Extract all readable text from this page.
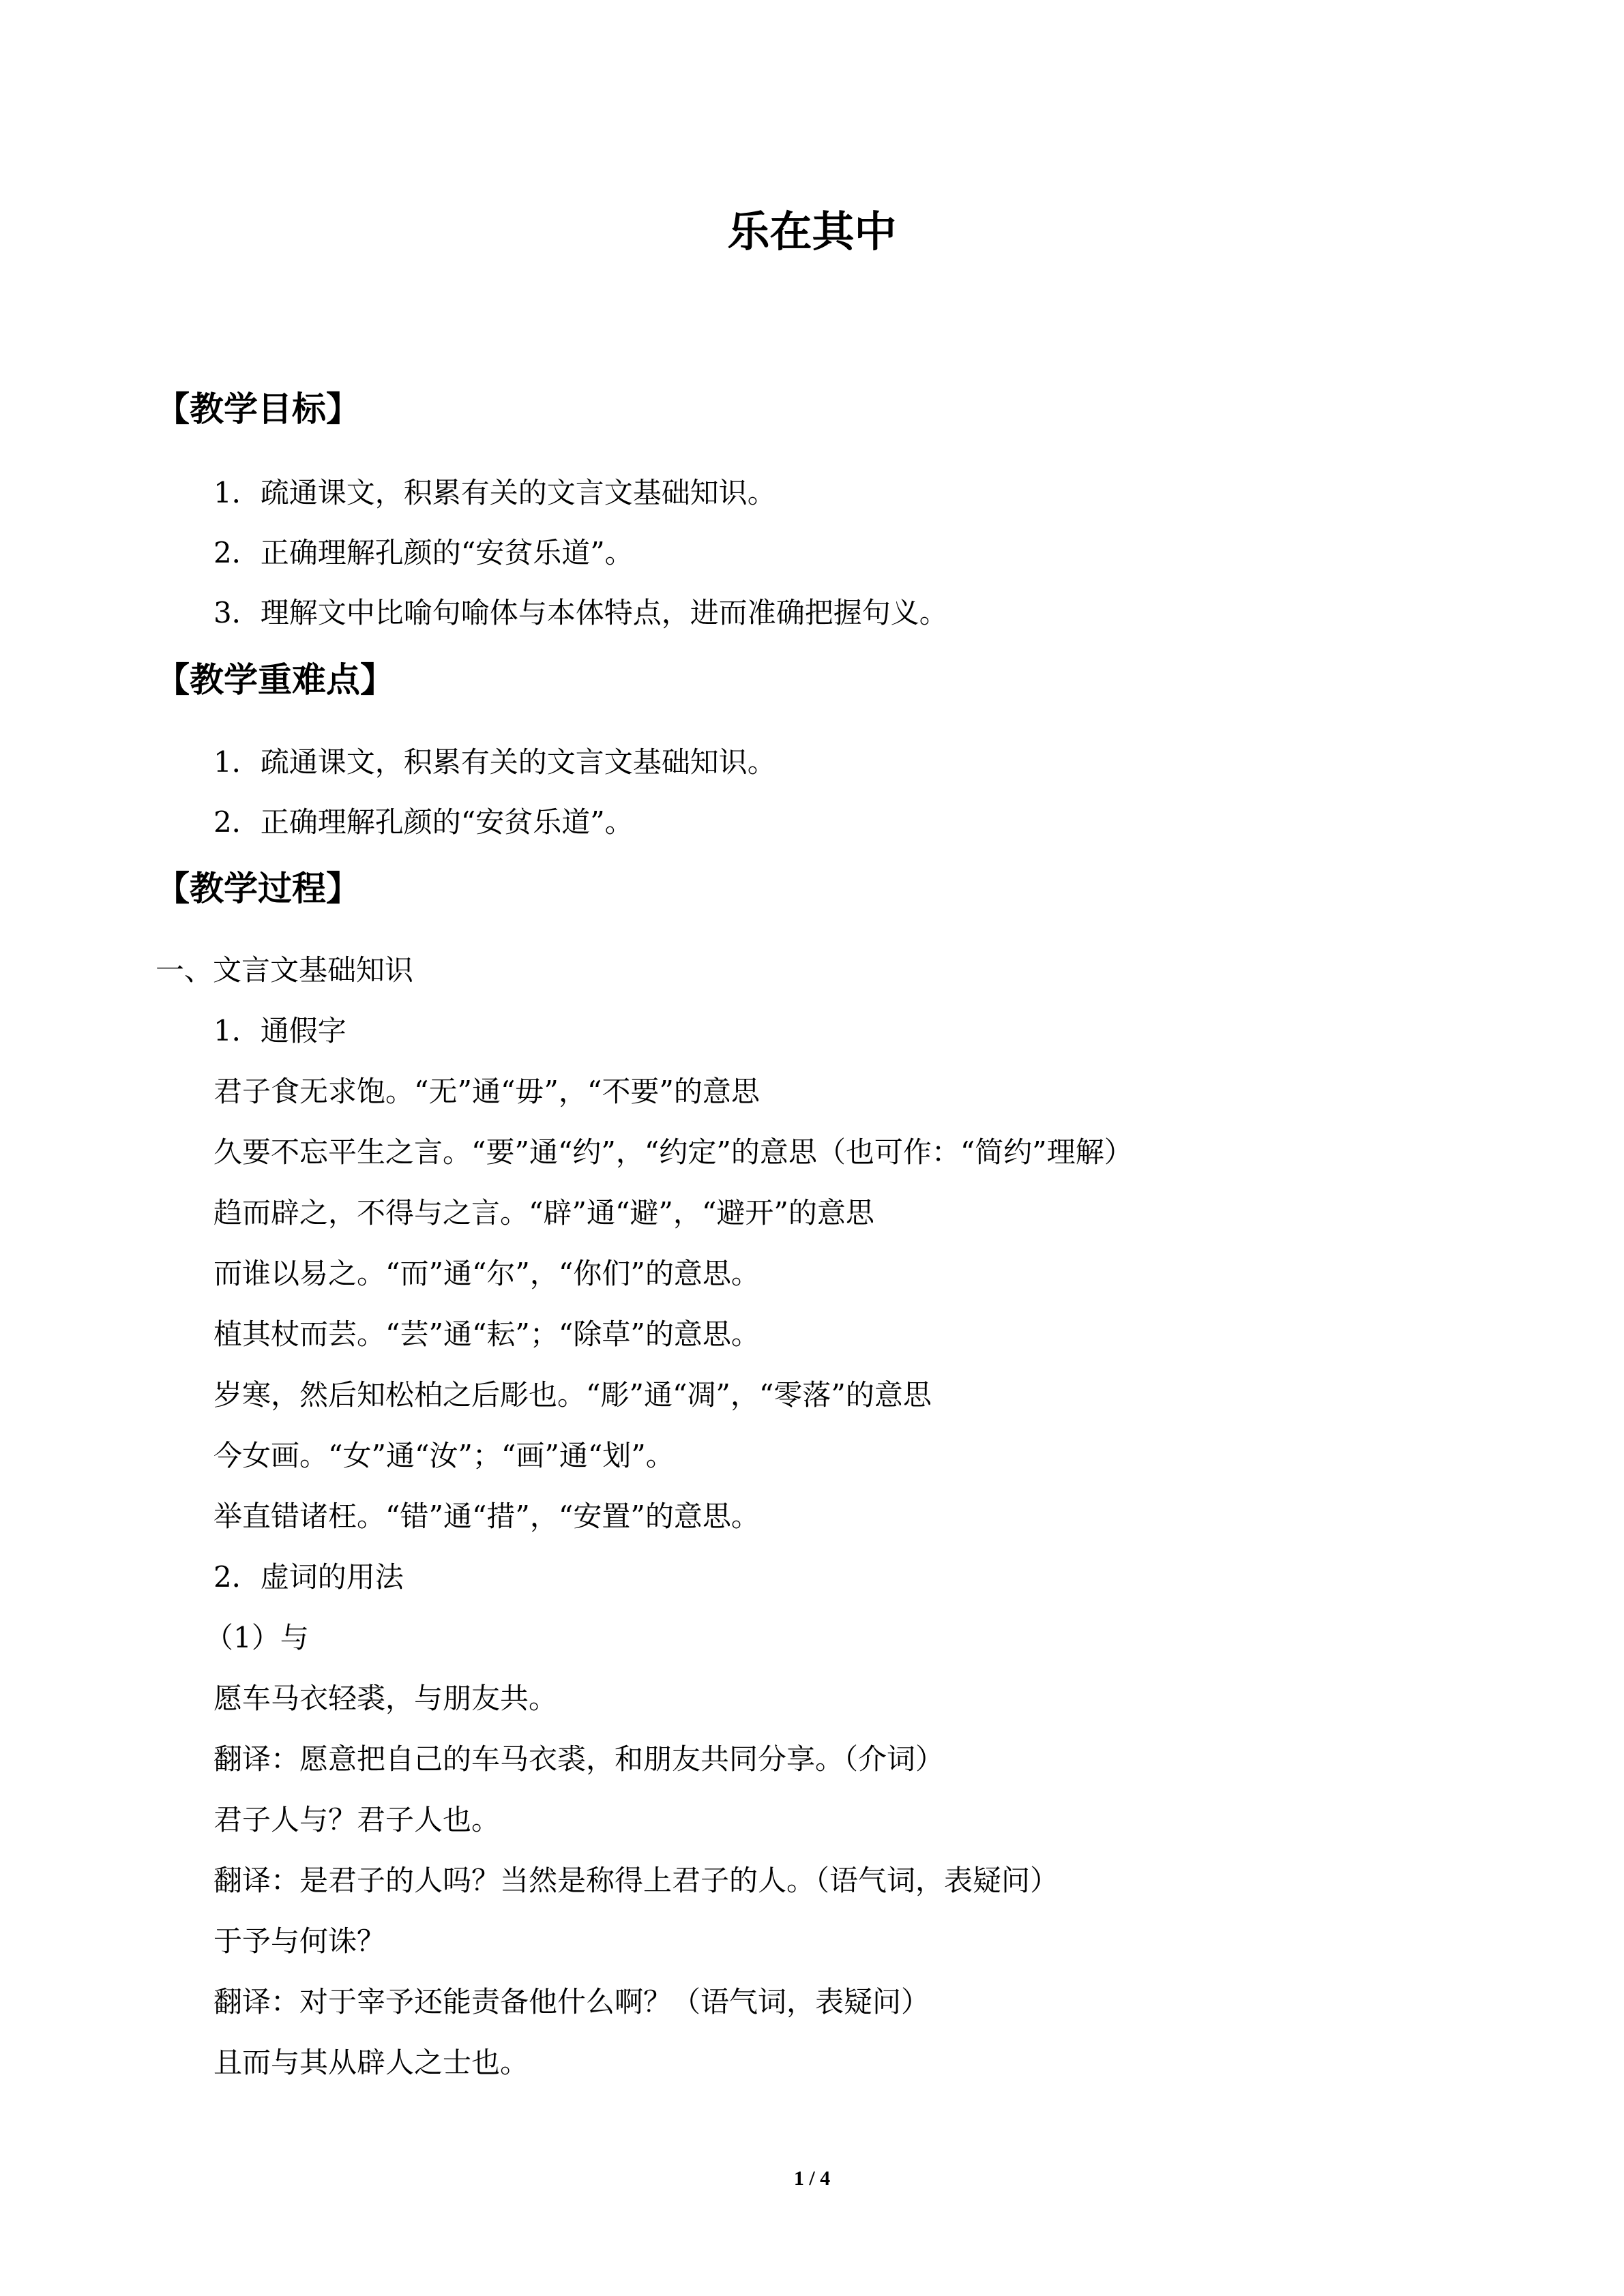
乐在其中
【教学目标】
1．疏通课文，积累有关的文言文基础知识。
2．正确理解孔颜的“安贫乐道”。
3．理解文中比喻句喻体与本体特点，进而准确把握句义。
【教学重难点】
1．疏通课文，积累有关的文言文基础知识。
2．正确理解孔颜的“安贫乐道”。
【教学过程】
一、文言文基础知识
1．通假字
君子食无求饱。“无”通“毋”，“不要”的意思
久要不忘平生之言。“要”通“约”，“约定”的意思（也可作：“简约”理解）
趋而辟之，不得与之言。“辟”通“避”，“避开”的意思
而谁以易之。“而”通“尔”，“你们”的意思。
植其杖而芸。“芸”通“耘”；“除草”的意思。
岁寒，然后知松柏之后彫也。“彫”通“凋”，“零落”的意思
今女画。“女”通“汝”；“画”通“划”。
举直错诸枉。“错”通“措”，“安置”的意思。
2．虚词的用法
（1）与
愿车马衣轻裘，与朋友共。
翻译：愿意把自己的车马衣裘，和朋友共同分享。（介词）
君子人与？君子人也。
翻译：是君子的人吗？当然是称得上君子的人。（语气词，表疑问）
于予与何诛？
翻译：对于宰予还能责备他什么啊？（语气词，表疑问）
且而与其从辟人之士也。
1 / 4
